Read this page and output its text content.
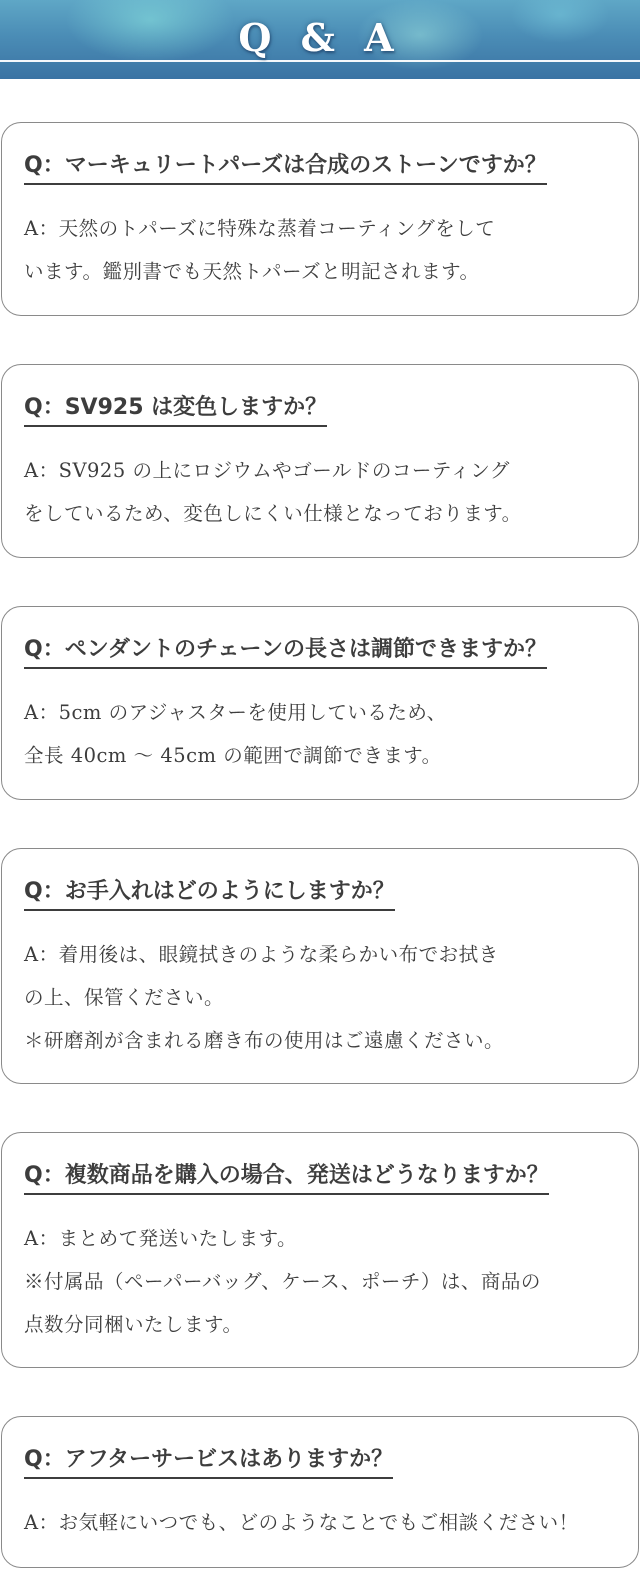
Q & A
Q：マーキュリートパーズは合成のストーンですか？
A：天然のトパーズに特殊な蒸着コーティングをして
います。鑑別書でも天然トパーズと明記されます。
Q：SV925 は変色しますか？
A：SV925 の上にロジウムやゴールドのコーティング
をしているため、変色しにくい仕様となっております。
Q：ペンダントのチェーンの長さは調節できますか？
A：5cm のアジャスターを使用しているため、
全長 40cm ～ 45cm の範囲で調節できます。
Q：お手入れはどのようにしますか？
A：着用後は、眼鏡拭きのような柔らかい布でお拭き
の上、保管ください。
＊研磨剤が含まれる磨き布の使用はご遠慮ください。
Q：複数商品を購入の場合、発送はどうなりますか？
A：まとめて発送いたします。
※付属品（ペーパーバッグ、ケース、ポーチ）は、商品の
点数分同梱いたします。
Q：アフターサービスはありますか？
A：お気軽にいつでも、どのようなことでもご相談ください！
